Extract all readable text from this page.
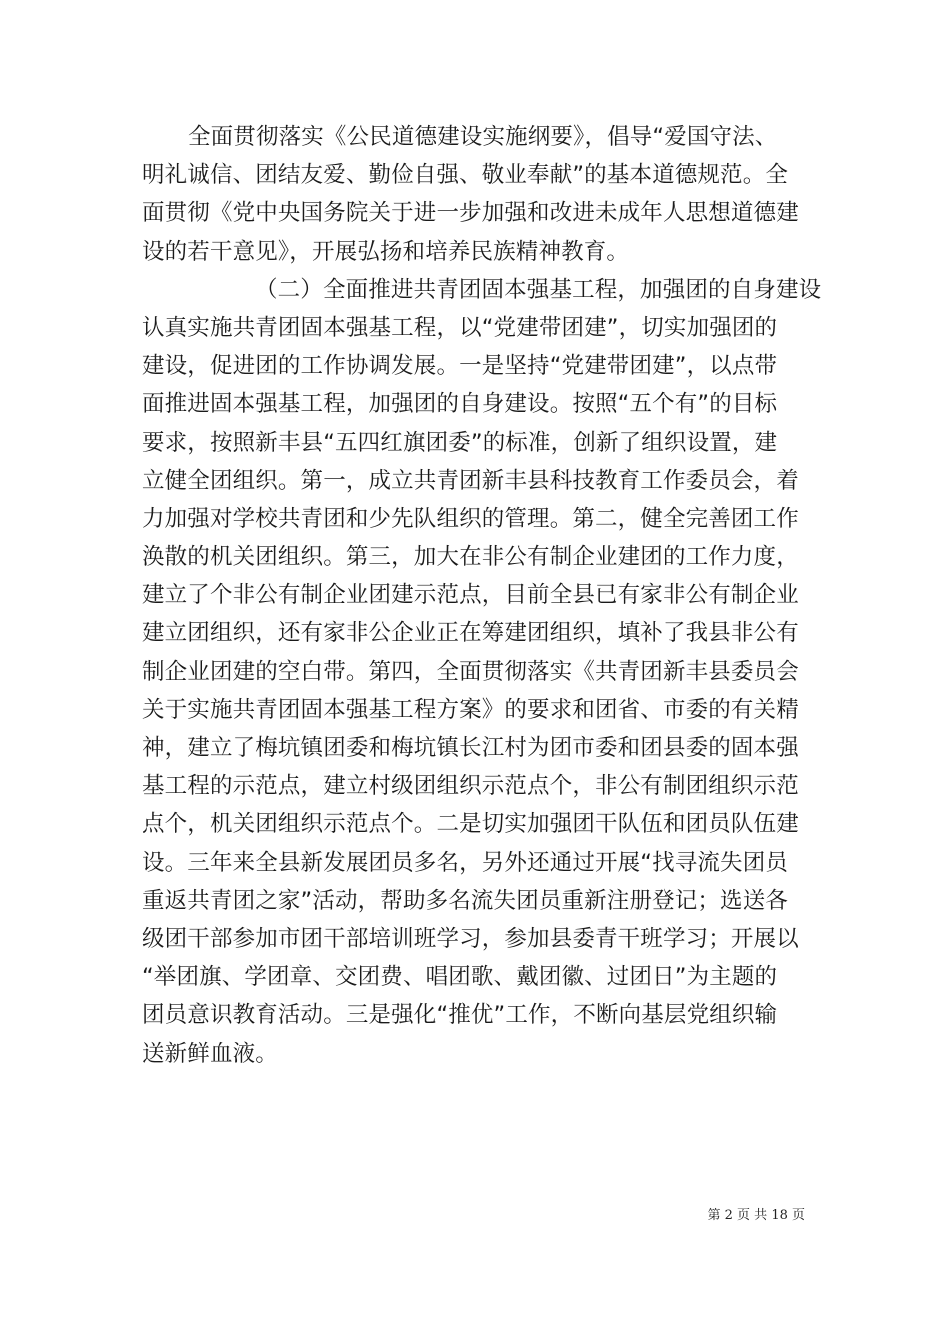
全面贯彻落实《公民道德建设实施纲要》，倡导“爱国守法、
明礼诚信、团结友爱、勤俭自强、敬业奉献”的基本道德规范。全
面贯彻《党中央国务院关于进一步加强和改进未成年人思想道德建
设的若干意见》，开展弘扬和培养民族精神教育。
（二）全面推进共青团固本强基工程，加强团的自身建设
认真实施共青团固本强基工程，以“党建带团建”，切实加强团的
建设，促进团的工作协调发展。一是坚持“党建带团建”，以点带
面推进固本强基工程，加强团的自身建设。按照“五个有”的目标
要求，按照新丰县“五四红旗团委”的标准，创新了组织设置，建
立健全团组织。第一，成立共青团新丰县科技教育工作委员会，着
力加强对学校共青团和少先队组织的管理。第二，健全完善团工作
涣散的机关团组织。第三，加大在非公有制企业建团的工作力度，
建立了个非公有制企业团建示范点，目前全县已有家非公有制企业
建立团组织，还有家非公企业正在筹建团组织，填补了我县非公有
制企业团建的空白带。第四，全面贯彻落实《共青团新丰县委员会
关于实施共青团固本强基工程方案》的要求和团省、市委的有关精
神，建立了梅坑镇团委和梅坑镇长江村为团市委和团县委的固本强
基工程的示范点，建立村级团组织示范点个，非公有制团组织示范
点个，机关团组织示范点个。二是切实加强团干队伍和团员队伍建
设。三年来全县新发展团员多名，另外还通过开展“找寻流失团员
重返共青团之家”活动，帮助多名流失团员重新注册登记；选送各
级团干部参加市团干部培训班学习，参加县委青干班学习；开展以
“举团旗、学团章、交团费、唱团歌、戴团徽、过团日”为主题的
团员意识教育活动。三是强化“推优”工作，不断向基层党组织输
送新鲜血液。
第 2 页 共 18 页
